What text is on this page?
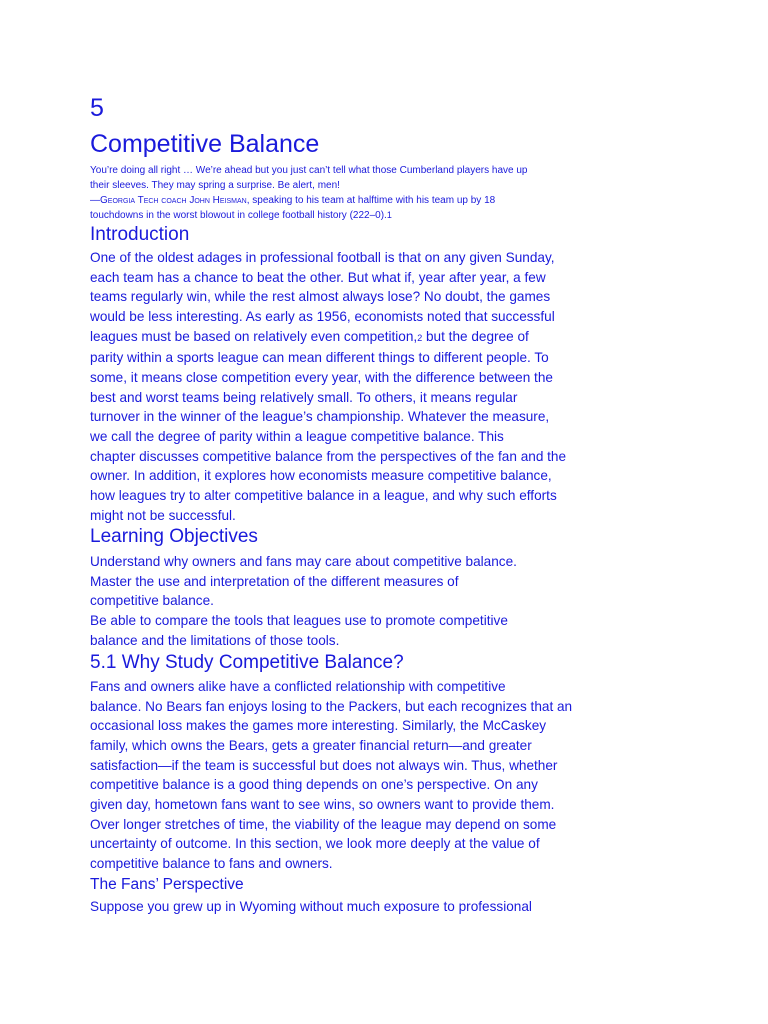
5
Competitive Balance

You’re doing all right … We’re ahead but you just can’t tell what those Cumberland players have up
their sleeves. They may spring a surprise. Be alert, men!

—Georgia Tech coach John Heisman, speaking to his team at halftime with his team up by 18
touchdowns in the worst blowout in college football history (222–0).1

Introduction

One of the oldest adages in professional football is that on any given Sunday,
each team has a chance to beat the other. But what if, year after year, a few
teams regularly win, while the rest almost always lose? No doubt, the games
would be less interesting. As early as 1956, economists noted that successful
leagues must be based on relatively even competition,2 but the degree of
parity within a sports league can mean different things to different people. To
some, it means close competition every year, with the difference between the
best and worst teams being relatively small. To others, it means regular
turnover in the winner of the league’s championship. Whatever the measure,
we call the degree of parity within a league competitive balance. This
chapter discusses competitive balance from the perspectives of the fan and the
owner. In addition, it explores how economists measure competitive balance,
how leagues try to alter competitive balance in a league, and why such efforts
might not be successful.

Learning Objectives

Understand why owners and fans may care about competitive balance.
Master the use and interpretation of the different measures of
competitive balance.
Be able to compare the tools that leagues use to promote competitive
balance and the limitations of those tools.

5.1 Why Study Competitive Balance?

Fans and owners alike have a conflicted relationship with competitive
balance. No Bears fan enjoys losing to the Packers, but each recognizes that an
occasional loss makes the games more interesting. Similarly, the McCaskey
family, which owns the Bears, gets a greater financial return—and greater
satisfaction—if the team is successful but does not always win. Thus, whether
competitive balance is a good thing depends on one’s perspective. On any
given day, hometown fans want to see wins, so owners want to provide them.
Over longer stretches of time, the viability of the league may depend on some
uncertainty of outcome. In this section, we look more deeply at the value of
competitive balance to fans and owners.

The Fans’ Perspective

Suppose you grew up in Wyoming without much exposure to professional
